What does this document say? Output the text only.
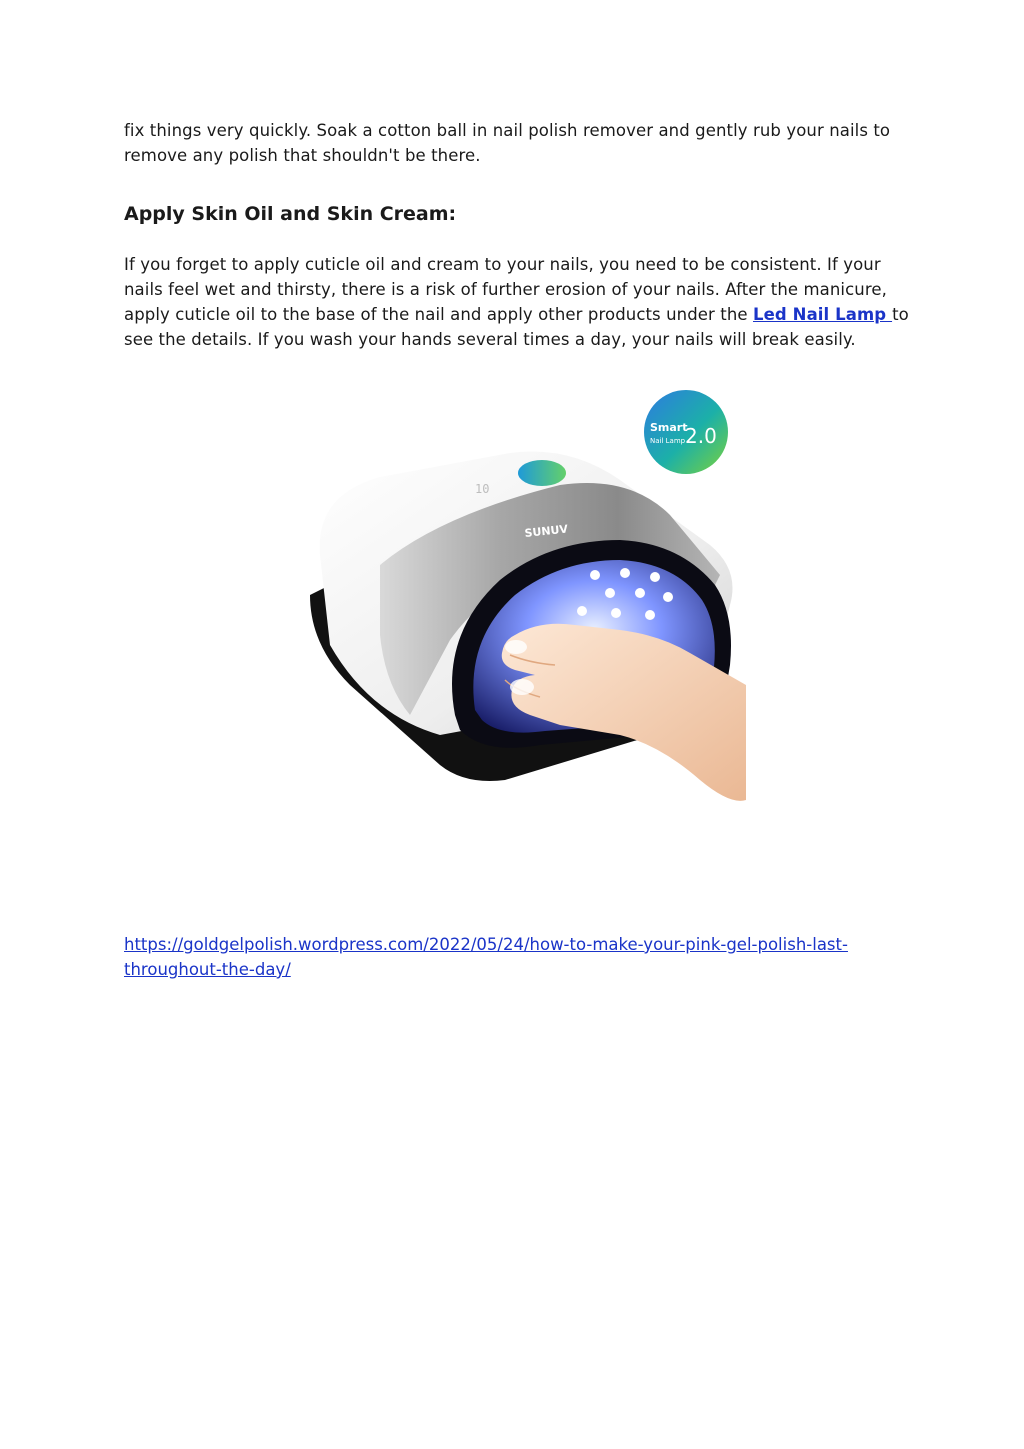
fix things very quickly. Soak a cotton ball in nail polish remover and gently rub your nails to remove any polish that shouldn't be there.

Apply Skin Oil and Skin Cream:

If you forget to apply cuticle oil and cream to your nails, you need to be consistent. If your nails feel wet and thirsty, there is a risk of further erosion of your nails. After the manicure, apply cuticle oil to the base of the nail and apply other products under the Led Nail Lamp to see the details. If you wash your hands several times a day, your nails will break easily.

Smart
Nail Lamp 2.0
SUNUV
10
https://goldgelpolish.wordpress.com/2022/05/24/how-to-make-your-pink-gel-polish-last-throughout-the-day/
